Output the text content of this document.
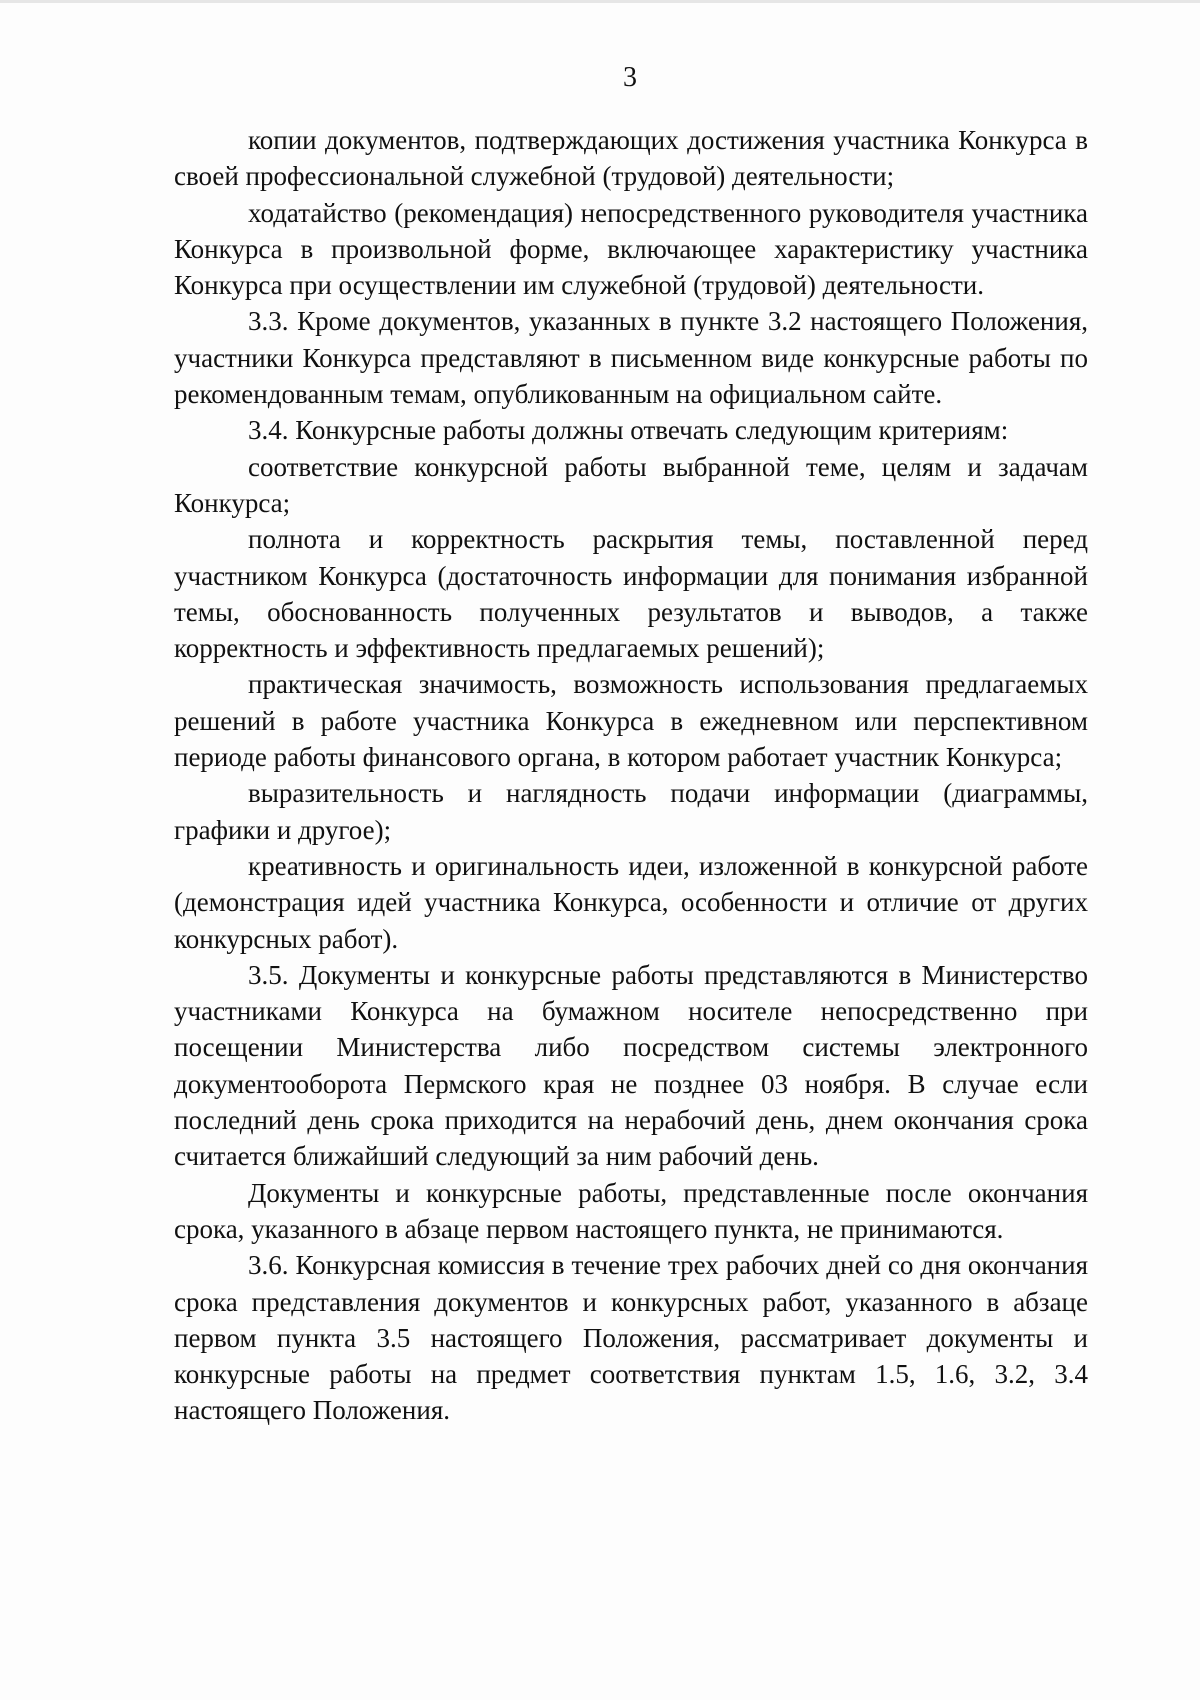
3

копии документов, подтверждающих достижения участника Конкурса в своей профессиональной служебной (трудовой) деятельности;

ходатайство (рекомендация) непосредственного руководителя участника Конкурса в произвольной форме, включающее характеристику участника Конкурса при осуществлении им служебной (трудовой) деятельности.

3.3. Кроме документов, указанных в пункте 3.2 настоящего Положения, участники Конкурса представляют в письменном виде конкурсные работы по рекомендованным темам, опубликованным на официальном сайте.

3.4. Конкурсные работы должны отвечать следующим критериям:

соответствие конкурсной работы выбранной теме, целям и задачам Конкурса;

полнота и корректность раскрытия темы, поставленной перед участником Конкурса (достаточность информации для понимания избранной темы, обоснованность полученных результатов и выводов, а также корректность и эффективность предлагаемых решений);

практическая значимость, возможность использования предлагаемых решений в работе участника Конкурса в ежедневном или перспективном периоде работы финансового органа, в котором работает участник Конкурса;

выразительность и наглядность подачи информации (диаграммы, графики и другое);

креативность и оригинальность идеи, изложенной в конкурсной работе (демонстрация идей участника Конкурса, особенности и отличие от других конкурсных работ).

3.5. Документы и конкурсные работы представляются в Министерство участниками Конкурса на бумажном носителе непосредственно при посещении Министерства либо посредством системы электронного документооборота Пермского края не позднее 03 ноября. В случае если последний день срока приходится на нерабочий день, днем окончания срока считается ближайший следующий за ним рабочий день.

Документы и конкурсные работы, представленные после окончания срока, указанного в абзаце первом настоящего пункта, не принимаются.

3.6. Конкурсная комиссия в течение трех рабочих дней со дня окончания срока представления документов и конкурсных работ, указанного в абзаце первом пункта 3.5 настоящего Положения, рассматривает документы и конкурсные работы на предмет соответствия пунктам 1.5, 1.6, 3.2, 3.4 настоящего Положения.
